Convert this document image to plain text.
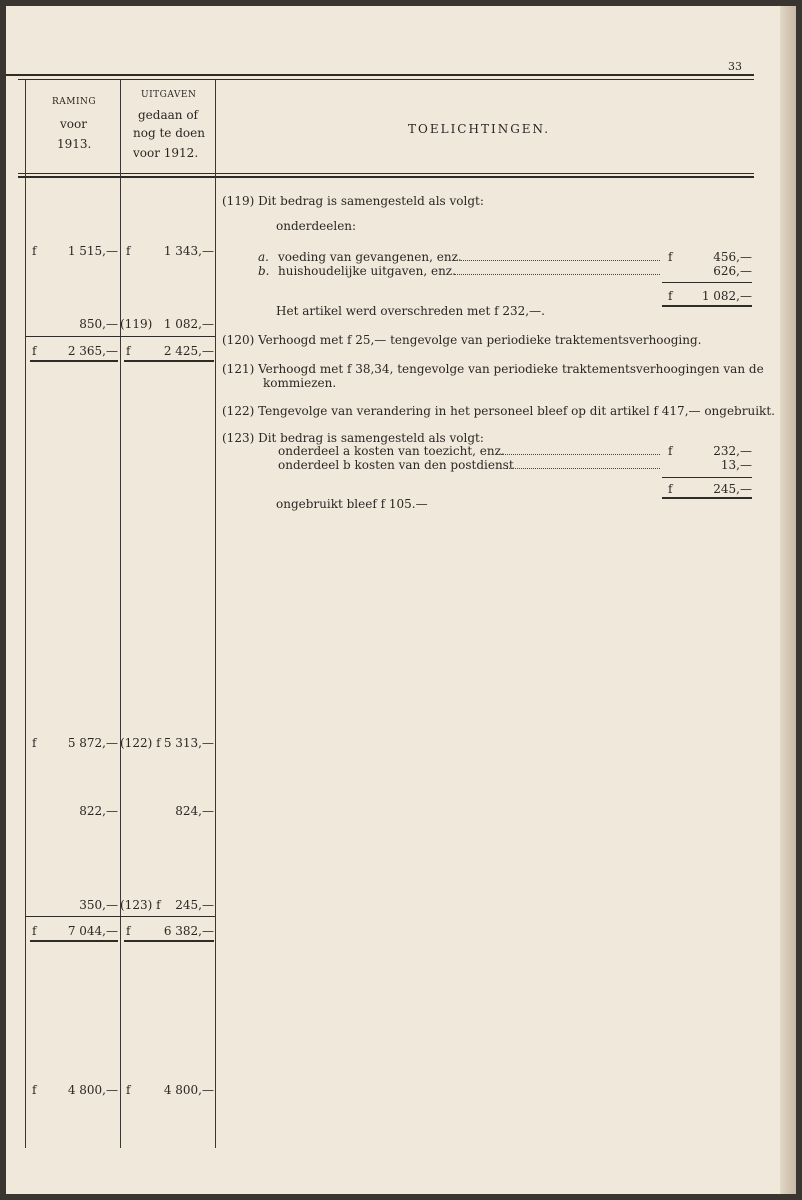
33
RAMING
voor
1913.
UITGAVEN
gedaan of
nog te doen
voor 1912.
TOELICHTINGEN.
f	1 515,— f	1 343,—
850,— (119) 1 082,—
f	2 365,— f	2 425,—
f	5 872,— (122) f 5 313,—
822,—	824,—
350,— (123) f	245,—
f	7 044,— f	6 382,—
f	4 800,— f	4 800,—
(119) Dit bedrag is samengesteld als volgt:
onderdeelen:
a. voeding van gevangenen, enz.	f	456,—
b. huishoudelijke uitgaven, enz.	626,—
f	1 082,—
Het artikel werd overschreden met f 232,—.
(120) Verhoogd met f 25,— tengevolge van periodieke traktementsverhooging.
(121) Verhoogd met f 38,34, tengevolge van periodieke traktementsverhoogingen van de
kommiezen.
(122) Tengevolge van verandering in het personeel bleef op dit artikel f 417,— ongebruikt.
(123) Dit bedrag is samengesteld als volgt:
onderdeel a kosten van toezicht, enz.	f	232,—
onderdeel b kosten van den postdienst	13,—
f	245,—
ongebruikt bleef f 105.—
